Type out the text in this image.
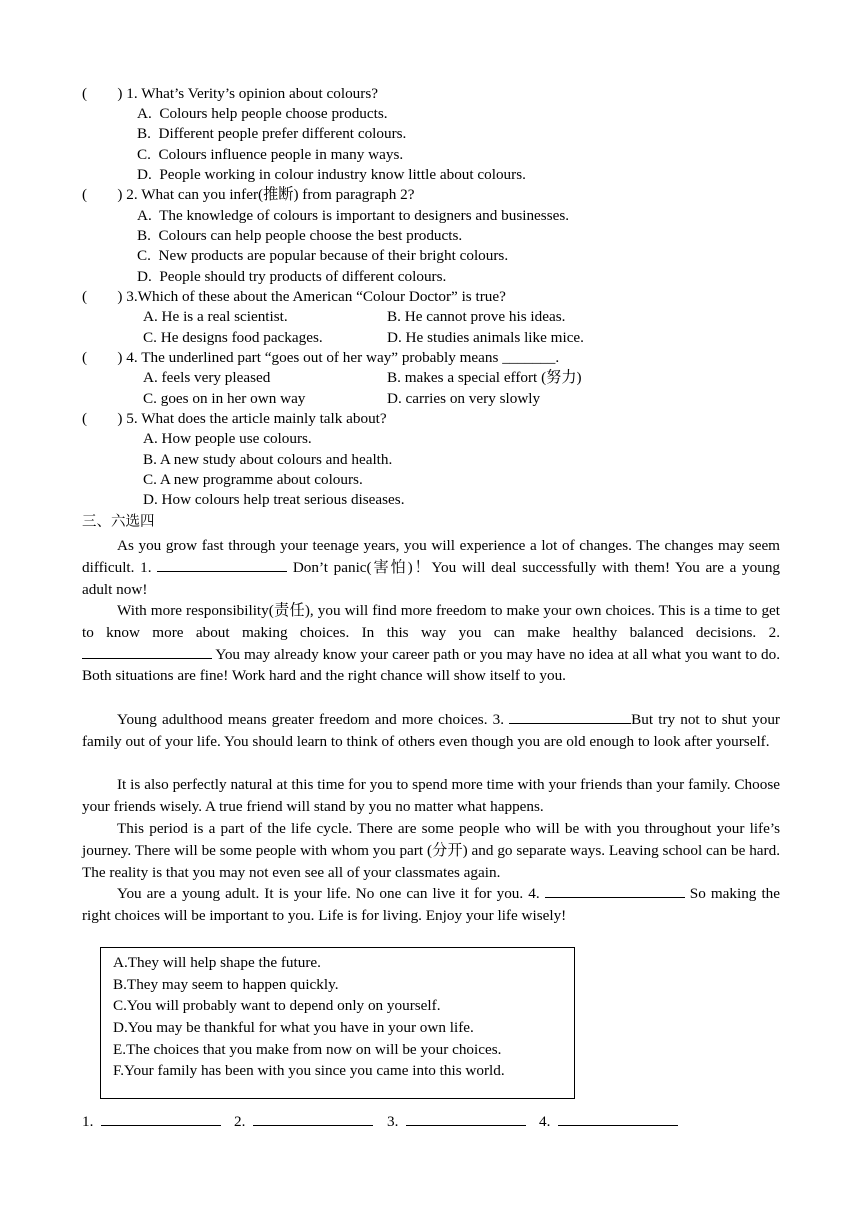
(　　) 1. What’s Verity’s opinion about colours?
A.  Colours help people choose products.
B.  Different people prefer different colours.
C.  Colours influence people in many ways.
D.  People working in colour industry know little about colours.
(　　) 2. What can you infer(推断) from paragraph 2?
A.  The knowledge of colours is important to designers and businesses.
B.  Colours can help people choose the best products.
C.  New products are popular because of their bright colours.
D.  People should try products of different colours.
(　　) 3.Which of these about the American “Colour Doctor” is true?
A. He is a real scientist.	B. He cannot prove his ideas.
C. He designs food packages.	D. He studies animals like mice.
(　　) 4. The underlined part “goes out of her way” probably means _______.
A. feels very pleased	B. makes a special effort (努力)
C. goes on in her own way	D. carries on very slowly
(　　) 5. What does the article mainly talk about?
A. How people use colours.
B. A new study about colours and health.
C. A new programme about colours.
D. How colours help treat serious diseases.
三、六选四
As you grow fast through your teenage years, you will experience a lot of changes. The changes may seem difficult. 1.	Don’t panic(害怕)！You will deal successfully with them! You are a young adult now!
With more responsibility(责任), you will find more freedom to make your own choices. This is a time to get to know more about making choices. In this way you can make healthy balanced decisions. 2.  You may already know your career path or you may have no idea at all what you want to do. Both situations are fine! Work hard and the right chance will show itself to you.
Young adulthood means greater freedom and more choices. 3.	But try not to shut your family out of your life. You should learn to think of others even though you are old enough to look after yourself.
It is also perfectly natural at this time for you to spend more time with your friends than your family. Choose your friends wisely. A true friend will stand by you no matter what happens.
This period is a part of the life cycle. There are some people who will be with you throughout your life’s journey. There will be some people with whom you part (分开) and go separate ways. Leaving school can be hard. The reality is that you may not even see all of your classmates again.
You are a young adult. It is your life. No one can live it for you. 4.	So making the right choices will be important to you. Life is for living. Enjoy your life wisely!
A.They will help shape the future.
B.They may seem to happen quickly.
C.You will probably want to depend only on yourself.
D.You may be thankful for what you have in your own life.
E.The choices that you make from now on will be your choices.
F.Your family has been with you since you came into this world.
1.	2.	3.	4.
